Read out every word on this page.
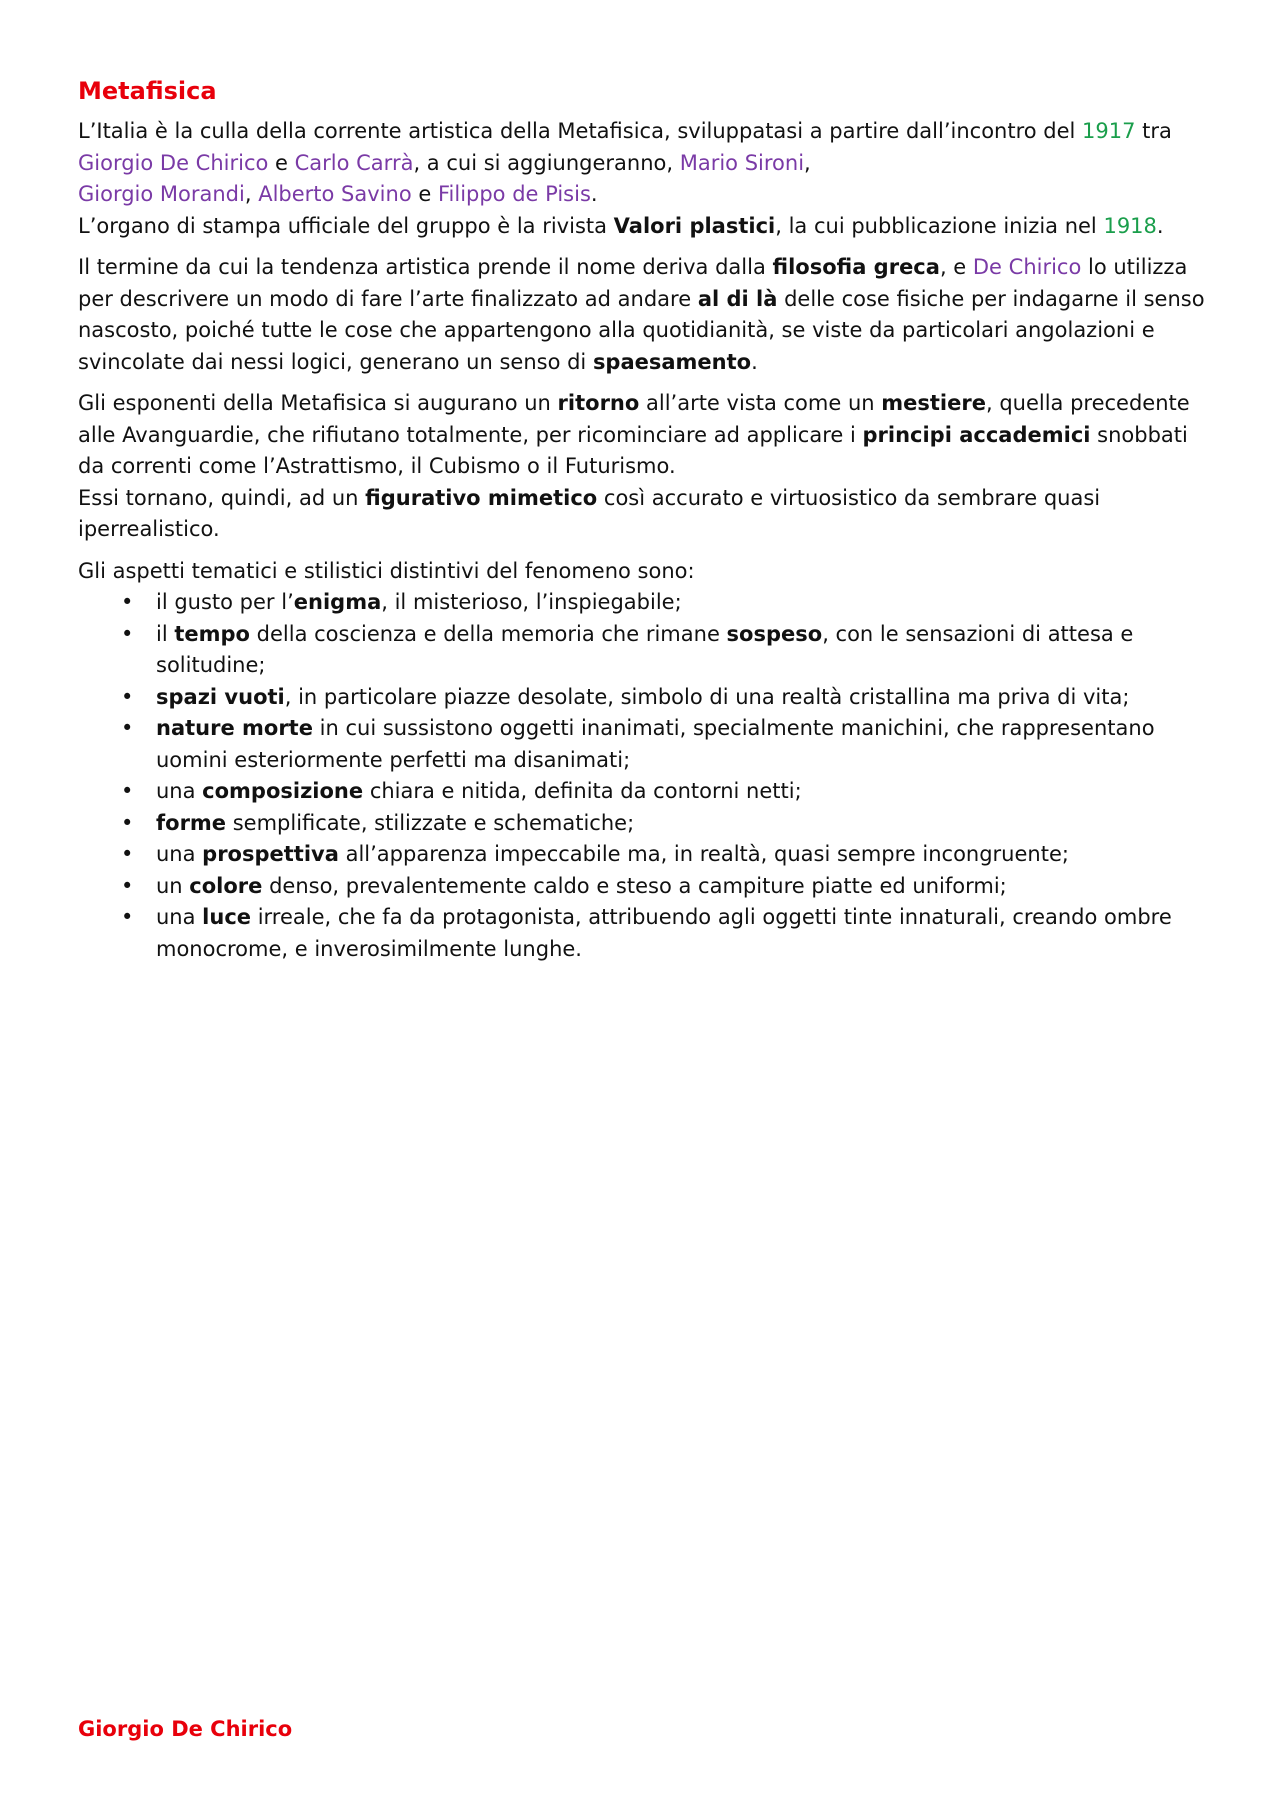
Metafisica

L’Italia è la culla della corrente artistica della Metafisica, sviluppatasi a partire dall’incontro del 1917 tra Giorgio De Chirico e Carlo Carrà, a cui si aggiungeranno, Mario Sironi,
Giorgio Morandi, Alberto Savino e Filippo de Pisis.
L’organo di stampa ufficiale del gruppo è la rivista Valori plastici, la cui pubblicazione inizia nel 1918.

Il termine da cui la tendenza artistica prende il nome deriva dalla filosofia greca, e De Chirico lo utilizza per descrivere un modo di fare l’arte finalizzato ad andare al di là delle cose fisiche per indagarne il senso nascosto, poiché tutte le cose che appartengono alla quotidianità, se viste da particolari angolazioni e svincolate dai nessi logici, generano un senso di spaesamento.

Gli esponenti della Metafisica si augurano un ritorno all’arte vista come un mestiere, quella precedente alle Avanguardie, che rifiutano totalmente, per ricominciare ad applicare i principi accademici snobbati da correnti come l’Astrattismo, il Cubismo o il Futurismo.
Essi tornano, quindi, ad un figurativo mimetico così accurato e virtuosistico da sembrare quasi iperrealistico.

Gli aspetti tematici e stilistici distintivi del fenomeno sono:
• il gusto per l’enigma, il misterioso, l’inspiegabile;
• il tempo della coscienza e della memoria che rimane sospeso, con le sensazioni di attesa e solitudine;
• spazi vuoti, in particolare piazze desolate, simbolo di una realtà cristallina ma priva di vita;
• nature morte in cui sussistono oggetti inanimati, specialmente manichini, che rappresentano uomini esteriormente perfetti ma disanimati;
• una composizione chiara e nitida, definita da contorni netti;
• forme semplificate, stilizzate e schematiche;
• una prospettiva all’apparenza impeccabile ma, in realtà, quasi sempre incongruente;
• un colore denso, prevalentemente caldo e steso a campiture piatte ed uniformi;
• una luce irreale, che fa da protagonista, attribuendo agli oggetti tinte innaturali, creando ombre monocrome, e inverosimilmente lunghe.
Giorgio De Chirico
